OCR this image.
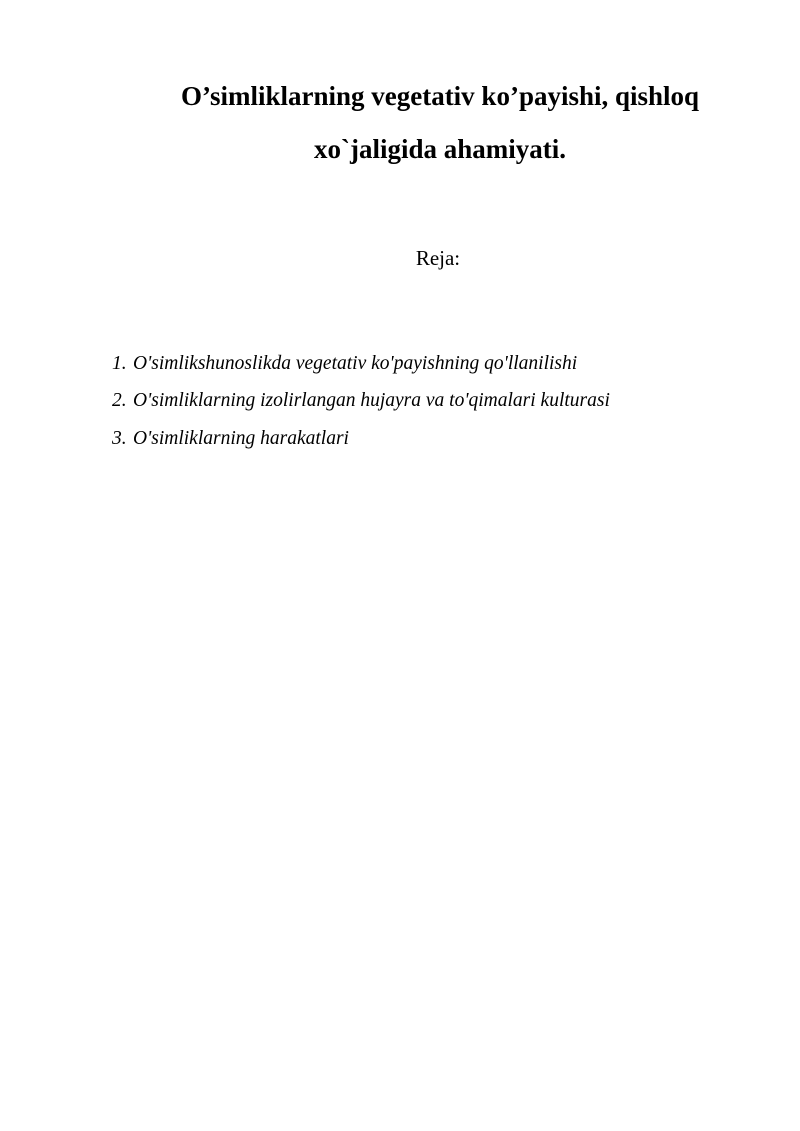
O’simliklarning vegetativ ko’payishi, qishloq
xo`jaligida ahamiyati.

Reja:

1. O'simlikshunoslikda vegetativ ko'payishning qo'llanilishi
2. O'simliklarning izolirlangan hujayra va to'qimalari kulturasi
3. O'simliklarning harakatlari
